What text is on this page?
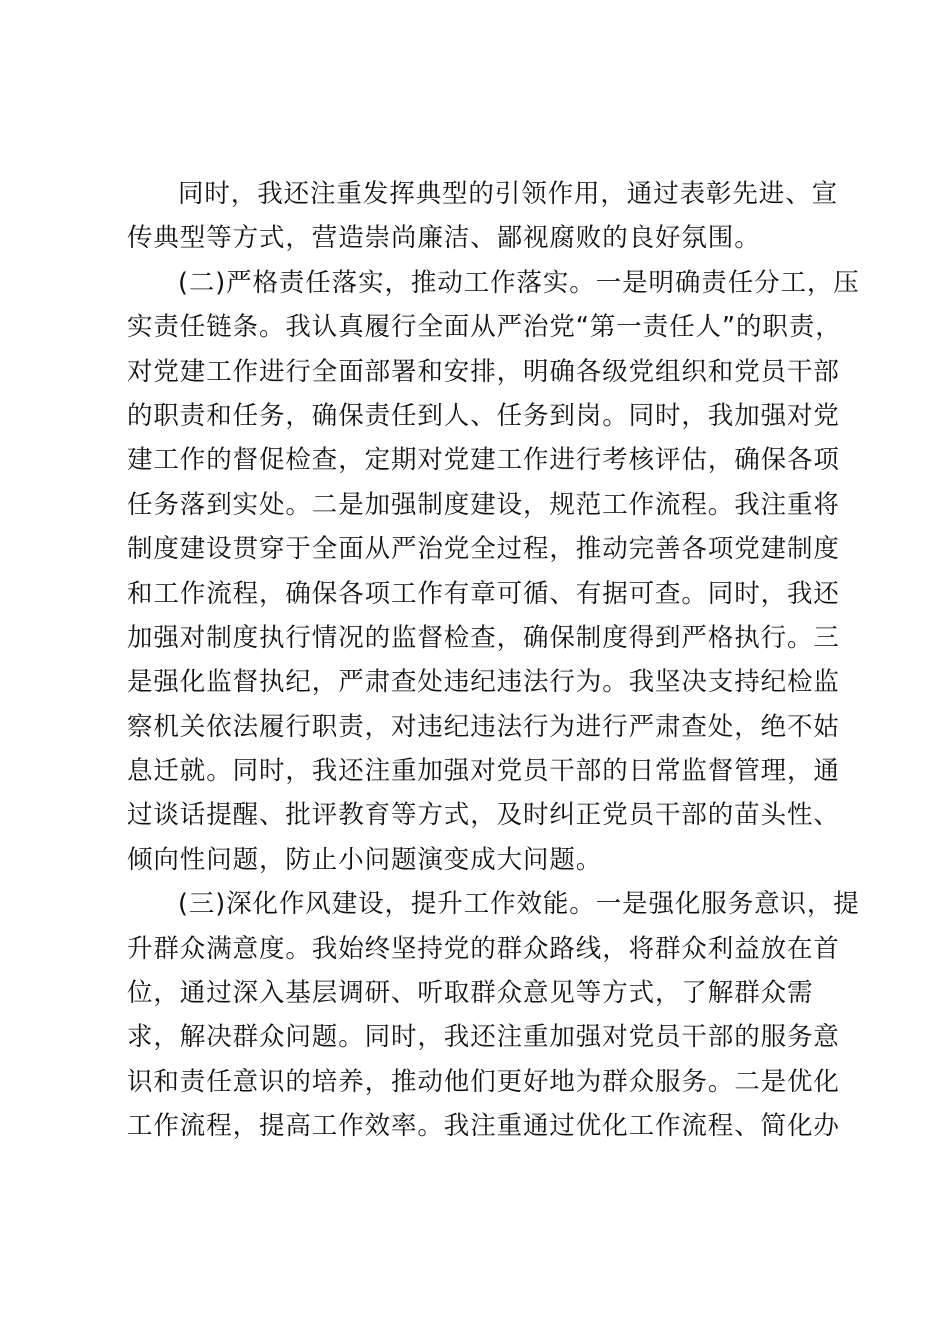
同时，我还注重发挥典型的引领作用，通过表彰先进、宣
传典型等方式，营造崇尚廉洁、鄙视腐败的良好氛围。
(二)严格责任落实，推动工作落实。一是明确责任分工，压
实责任链条。我认真履行全面从严治党“第一责任人”的职责，
对党建工作进行全面部署和安排，明确各级党组织和党员干部
的职责和任务，确保责任到人、任务到岗。同时，我加强对党
建工作的督促检查，定期对党建工作进行考核评估，确保各项
任务落到实处。二是加强制度建设，规范工作流程。我注重将
制度建设贯穿于全面从严治党全过程，推动完善各项党建制度
和工作流程，确保各项工作有章可循、有据可查。同时，我还
加强对制度执行情况的监督检查，确保制度得到严格执行。三
是强化监督执纪，严肃查处违纪违法行为。我坚决支持纪检监
察机关依法履行职责，对违纪违法行为进行严肃查处，绝不姑
息迁就。同时，我还注重加强对党员干部的日常监督管理，通
过谈话提醒、批评教育等方式，及时纠正党员干部的苗头性、
倾向性问题，防止小问题演变成大问题。
(三)深化作风建设，提升工作效能。一是强化服务意识，提
升群众满意度。我始终坚持党的群众路线，将群众利益放在首
位，通过深入基层调研、听取群众意见等方式，了解群众需
求，解决群众问题。同时，我还注重加强对党员干部的服务意
识和责任意识的培养，推动他们更好地为群众服务。二是优化
工作流程，提高工作效率。我注重通过优化工作流程、简化办
